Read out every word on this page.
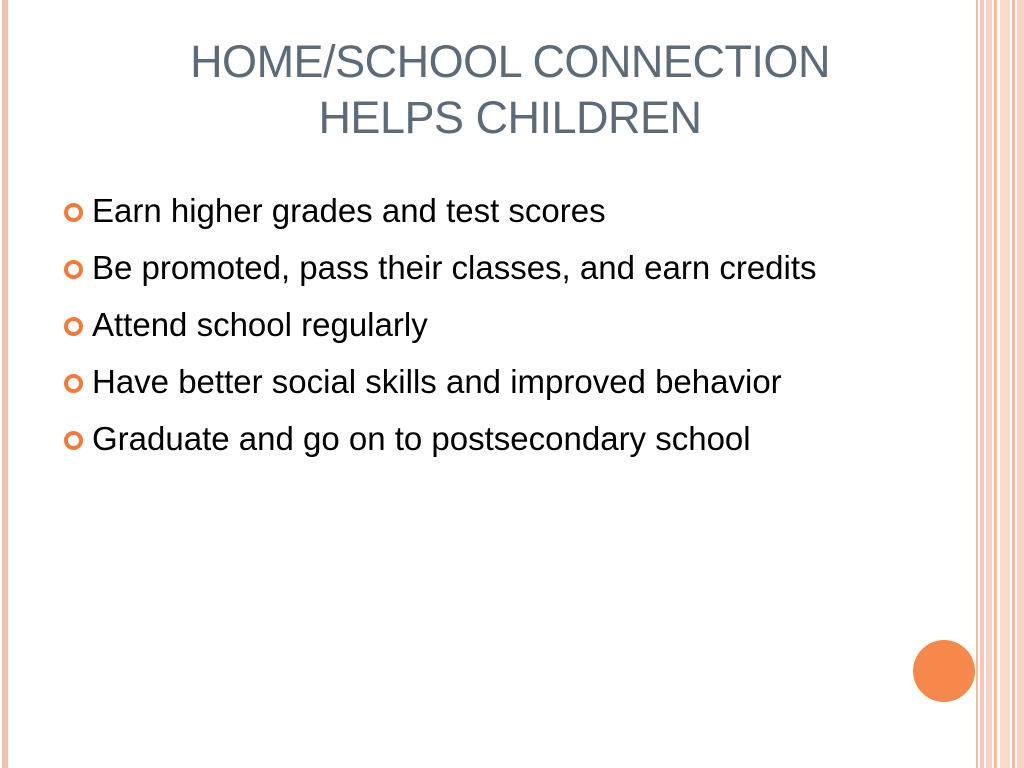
HOME/SCHOOL CONNECTION
HELPS CHILDREN
Earn higher grades and test scores
Be promoted, pass their classes, and earn credits
Attend school regularly
Have better social skills and improved behavior
Graduate and go on to postsecondary school
